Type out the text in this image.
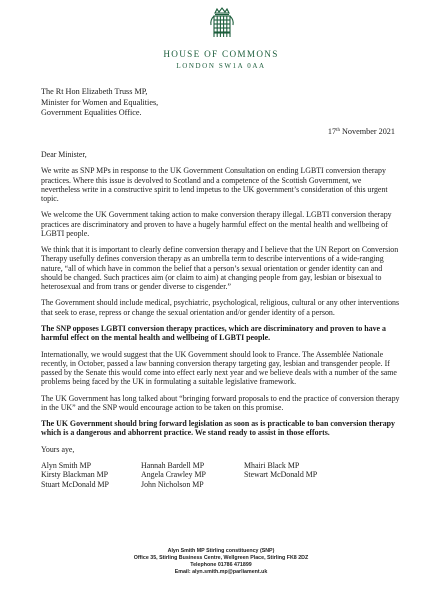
HOUSE OF COMMONS
LONDON SW1A 0AA
The Rt Hon Elizabeth Truss MP,
Minister for Women and Equalities,
Government Equalities Office.
17th November 2021

Dear Minister,

We write as SNP MPs in response to the UK Government Consultation on ending LGBTI conversion therapy practices. Where this issue is devolved to Scotland and a competence of the Scottish Government, we nevertheless write in a constructive spirit to lend impetus to the UK government’s consideration of this urgent topic.

We welcome the UK Government taking action to make conversion therapy illegal. LGBTI conversion therapy practices are discriminatory and proven to have a hugely harmful effect on the mental health and wellbeing of LGBTI people.

We think that it is important to clearly define conversion therapy and I believe that the UN Report on Conversion Therapy usefully defines conversion therapy as an umbrella term to describe interventions of a wide-ranging nature, “all of which have in common the belief that a person’s sexual orientation or gender identity can and should be changed. Such practices aim (or claim to aim) at changing people from gay, lesbian or bisexual to heterosexual and from trans or gender diverse to cisgender.”

The Government should include medical, psychiatric, psychological, religious, cultural or any other interventions that seek to erase, repress or change the sexual orientation and/or gender identity of a person.

The SNP opposes LGBTI conversion therapy practices, which are discriminatory and proven to have a harmful effect on the mental health and wellbeing of LGBTI people.

Internationally, we would suggest that the UK Government should look to France. The Assemblée Nationale recently, in October, passed a law banning conversion therapy targeting gay, lesbian and transgender people. If passed by the Senate this would come into effect early next year and we believe deals with a number of the same problems being faced by the UK in formulating a suitable legislative framework.

The UK Government has long talked about “bringing forward proposals to end the practice of conversion therapy in the UK” and the SNP would encourage action to be taken on this promise.

The UK Government should bring forward legislation as soon as is practicable to ban conversion therapy which is a dangerous and abhorrent practice. We stand ready to assist in those efforts.

Yours aye,

Alyn Smith MP	Hannah Bardell MP	Mhairi Black MP
Kirsty Blackman MP	Angela Crawley MP	Stewart McDonald MP
Stuart McDonald MP	John Nicholson MP
Alyn Smith MP Stirling constituency (SNP)
Office 35, Stirling Business Centre, Wellgreen Place, Stirling FK8 2DZ
Telephone 01786 471899
Email: alyn.smith.mp@parliament.uk
